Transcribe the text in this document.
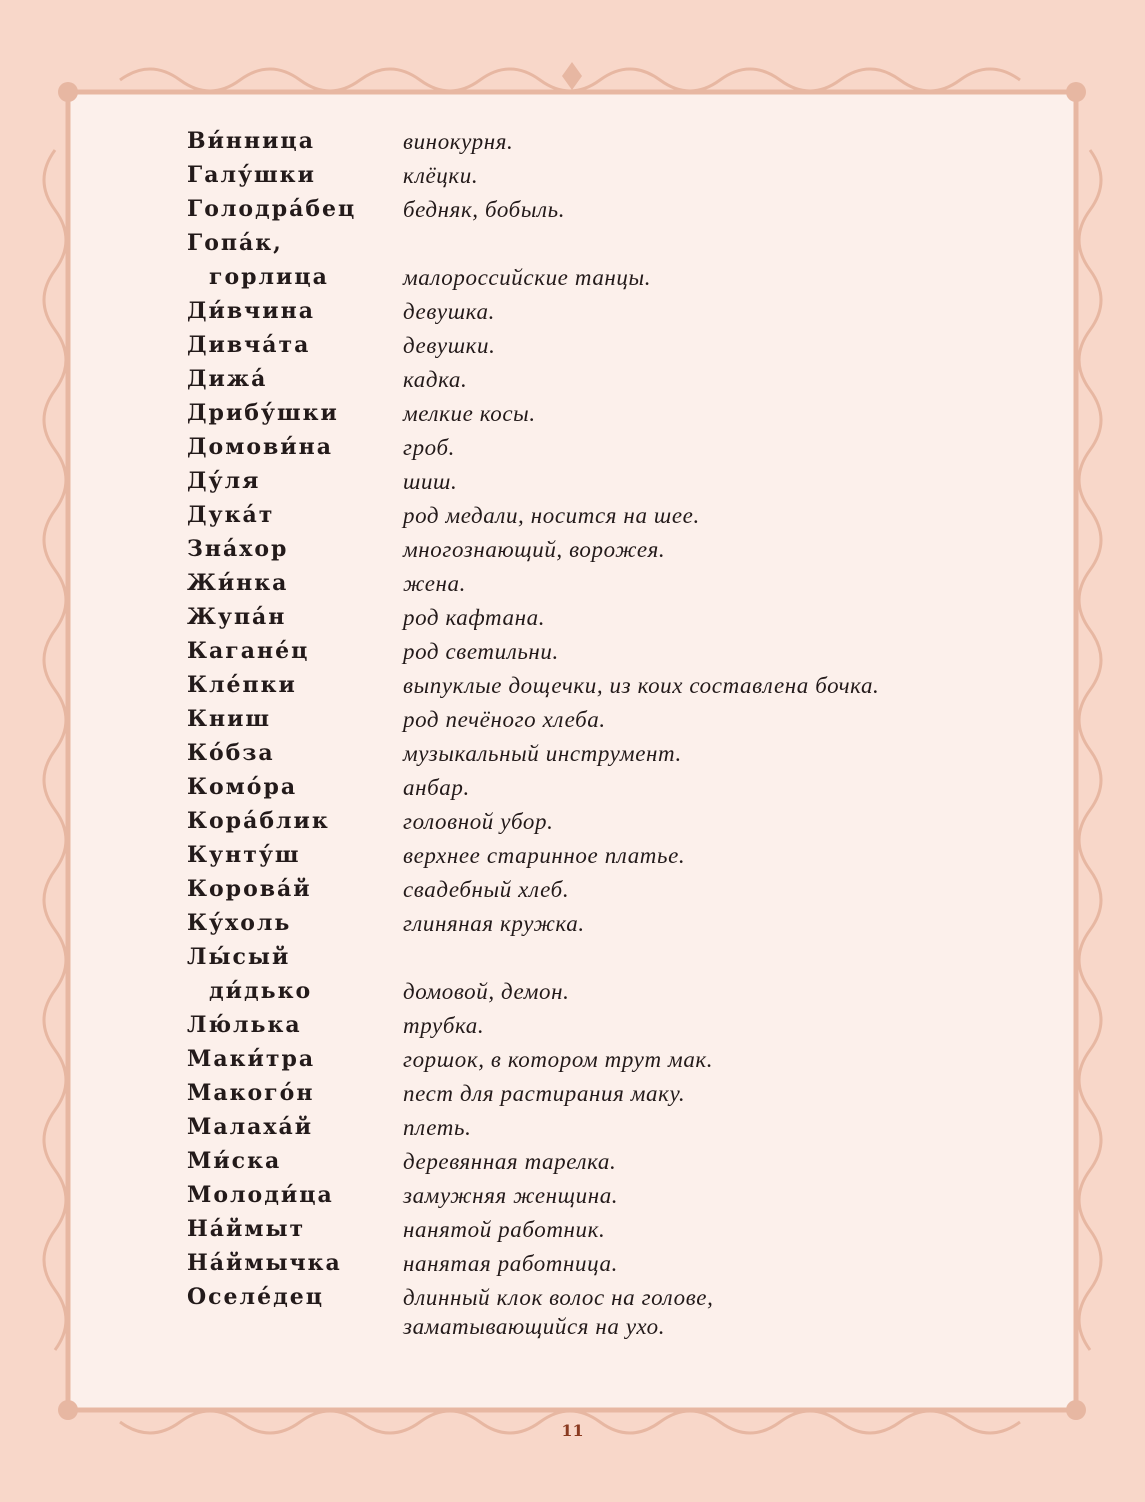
Ви́нница	винокурня.
Галу́шки	клёцки.
Голодра́бец	бедняк, бобыль.
Гопа́к,
горлица	малороссийские танцы.
Ди́вчина	девушка.
Дивча́та	девушки.
Дижа́	кадка.
Дрибу́шки	мелкие косы.
Домови́на	гроб.
Ду́ля	шиш.
Дука́т	род медали, носится на шее.
Зна́хор	многознающий, ворожея.
Жи́нка	жена.
Жупа́н	род кафтана.
Кагане́ц	род светильни.
Кле́пки	выпуклые дощечки, из коих составлена бочка.
Книш	род печёного хлеба.
Ко́бза	музыкальный инструмент.
Комо́ра	анбар.
Кора́блик	головной убор.
Кунту́ш	верхнее старинное платье.
Корова́й	свадебный хлеб.
Ку́холь	глиняная кружка.
Лы́сый
ди́дько	домовой, демон.
Лю́лька	трубка.
Маки́тра	горшок, в котором трут мак.
Макого́н	пест для растирания маку.
Малаха́й	плеть.
Ми́ска	деревянная тарелка.
Молоди́ца	замужняя женщина.
На́ймыт	нанятой работник.
На́ймычка	нанятая работница.
Оселе́дец	длинный клок волос на голове,
заматывающийся на ухо.
11
